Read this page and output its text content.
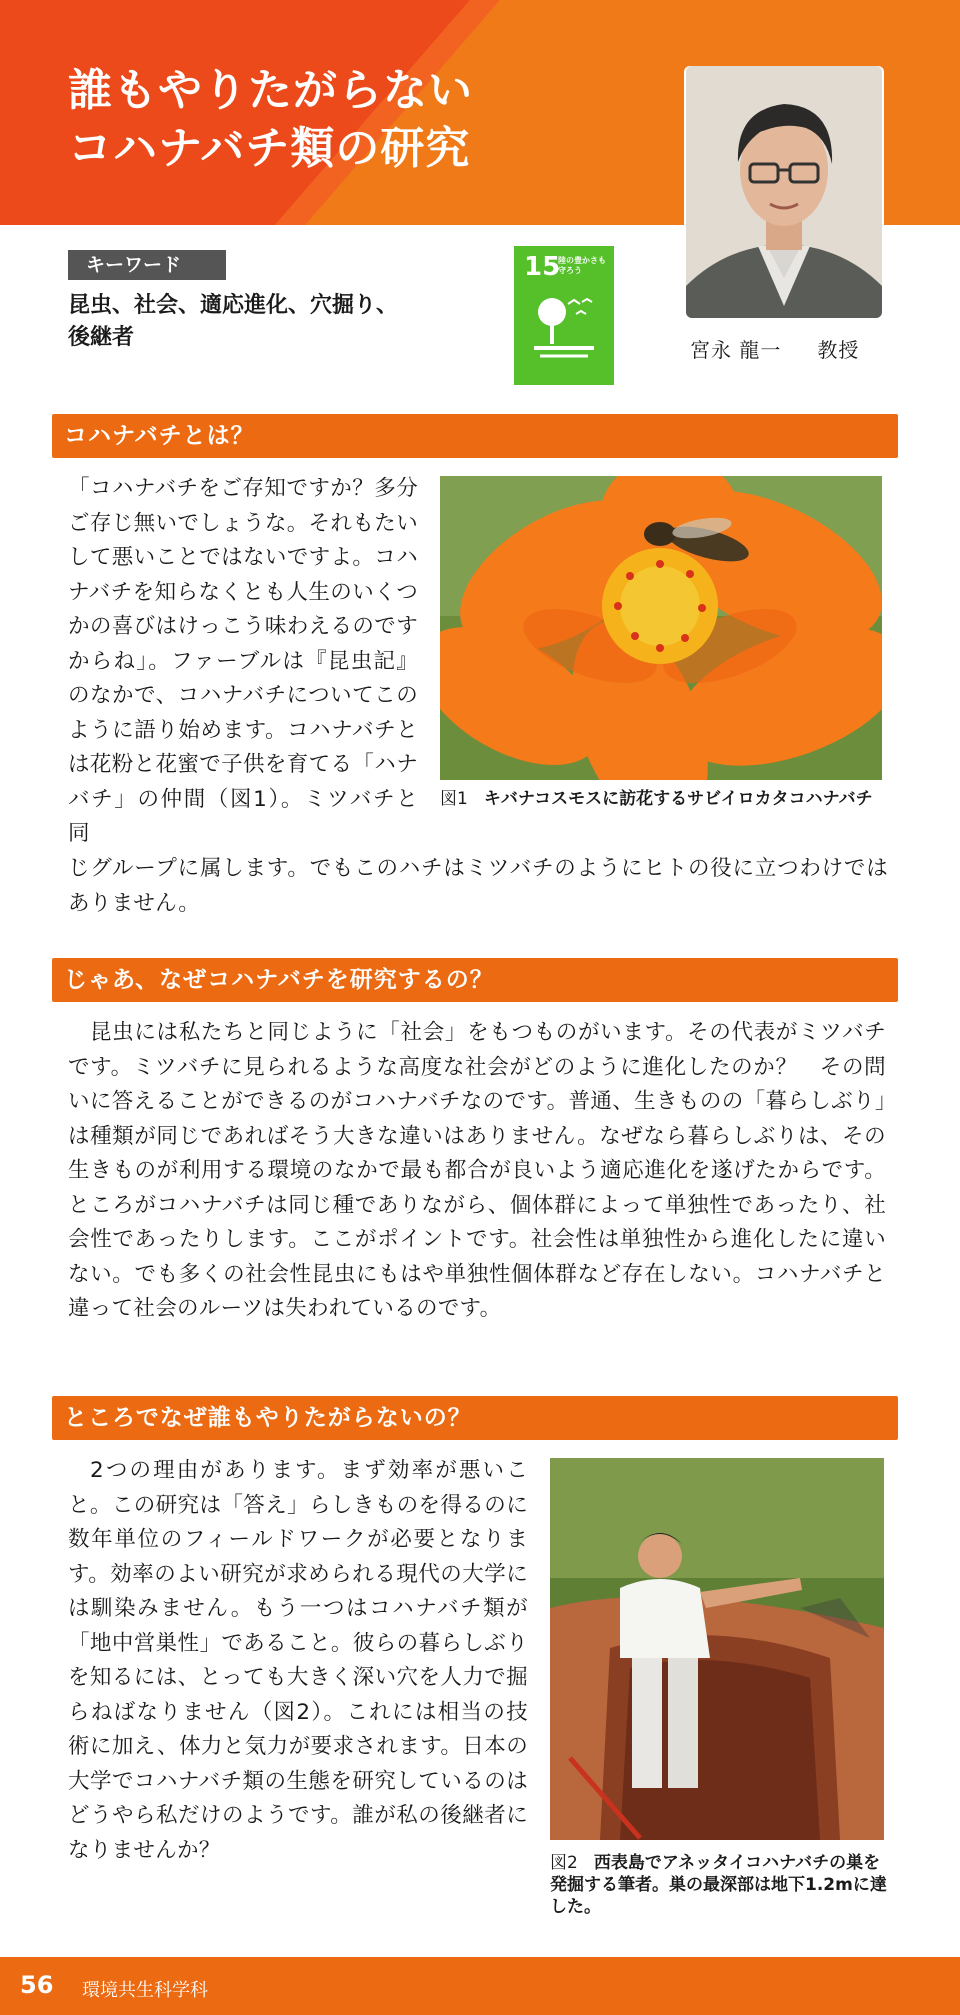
誰もやりたがらない
コハナバチ類の研究
宮永 龍一 教授
キーワード
昆虫、社会、適応進化、穴掘り、
後継者
15
陸の豊かさも 守ろう
コハナバチとは？
「コハナバチをご存知ですか？多分ご存じ無いでしょうな。それもたいして悪いことではないですよ。コハナバチを知らなくとも人生のいくつかの喜びはけっこう味わえるのですからね」。ファーブルは『昆虫記』のなかで、コハナバチについてこのように語り始めます。コハナバチとは花粉と花蜜で子供を育てる「ハナバチ」の仲間（図1）。ミツバチと同
図1 キバナコスモスに訪花するサビイロカタコハナバチ
じグループに属します。でもこのハチはミツバチのようにヒトの役に立つわけではありません。
じゃあ、なぜコハナバチを研究するの？
昆虫には私たちと同じように「社会」をもつものがいます。その代表がミツバチです。ミツバチに見られるような高度な社会がどのように進化したのか？　その問いに答えることができるのがコハナバチなのです。普通、生きものの「暮らしぶり」は種類が同じであればそう大きな違いはありません。なぜなら暮らしぶりは、その生きものが利用する環境のなかで最も都合が良いよう適応進化を遂げたからです。ところがコハナバチは同じ種でありながら、個体群によって単独性であったり、社会性であったりします。ここがポイントです。社会性は単独性から進化したに違いない。でも多くの社会性昆虫にもはや単独性個体群など存在しない。コハナバチと違って社会のルーツは失われているのです。
ところでなぜ誰もやりたがらないの？
2つの理由があります。まず効率が悪いこと。この研究は「答え」らしきものを得るのに数年単位のフィールドワークが必要となります。効率のよい研究が求められる現代の大学には馴染みません。もう一つはコハナバチ類が「地中営巣性」であること。彼らの暮らしぶりを知るには、とっても大きく深い穴を人力で掘らねばなりません（図2）。これには相当の技術に加え、体力と気力が要求されます。日本の大学でコハナバチ類の生態を研究しているのはどうやら私だけのようです。誰が私の後継者になりませんか？
図2 西表島でアネッタイコハナバチの巣を発掘する筆者。巣の最深部は地下1.2mに達した。
56 環境共生科学科
